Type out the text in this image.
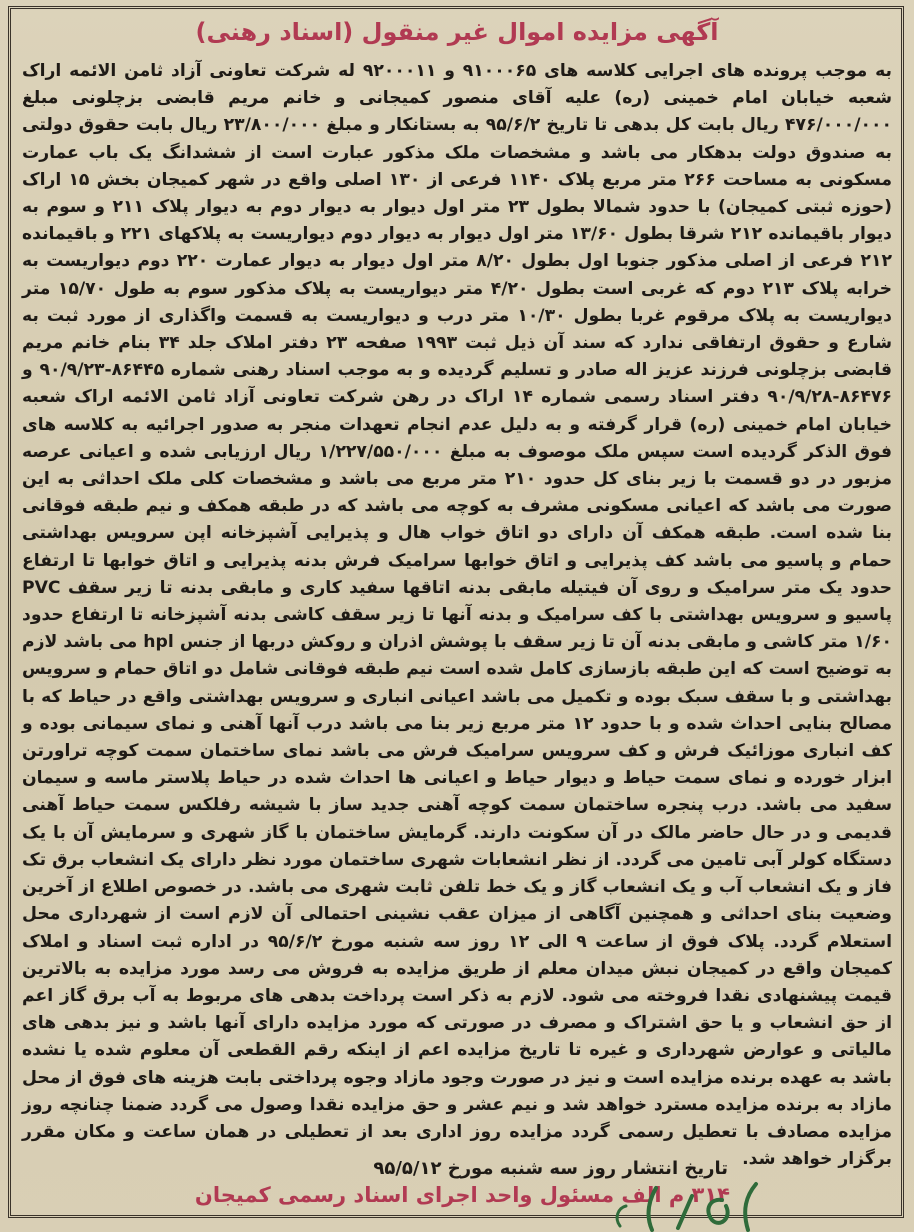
آگهی مزایده اموال غیر منقول (اسناد رهنی)

به موجب پرونده های اجرایی کلاسه های ۹۱۰۰۰۶۵ و ۹۲۰۰۰۱۱ له شرکت تعاونی آزاد ثامن الائمه اراک شعبه خیابان امام خمینی (ره) علیه آقای منصور کمیجانی و خانم مریم قابضی بزچلونی مبلغ ۴۷۶/۰۰۰/۰۰۰ ریال بابت کل بدهی تا تاریخ ۹۵/۶/۲ به بستانکار و مبلغ ۲۳/۸۰۰/۰۰۰ ریال بابت حقوق دولتی به صندوق دولت بدهکار می باشد و مشخصات ملک مذکور عبارت است از ششدانگ یک باب عمارت مسکونی به مساحت ۲۶۶ متر مربع پلاک ۱۱۴۰ فرعی از ۱۳۰ اصلی واقع در شهر کمیجان بخش ۱۵ اراک (حوزه ثبتی کمیجان) با حدود شمالا بطول ۲۳ متر اول دیوار به دیوار دوم به دیوار پلاک ۲۱۱ و سوم به دیوار باقیمانده ۲۱۲ شرقا بطول ۱۳/۶۰ متر اول دیوار به دیوار دوم دیواریست به پلاکهای ۲۲۱ و باقیمانده ۲۱۲ فرعی از اصلی مذکور جنوبا اول بطول ۸/۲۰ متر اول دیوار به دیوار عمارت ۲۲۰ دوم دیواریست به خرابه پلاک ۲۱۳ دوم که غربی است بطول ۴/۲۰ متر دیواریست به پلاک مذکور سوم به طول ۱۵/۷۰ متر دیواریست به پلاک مرقوم غربا بطول ۱۰/۳۰ متر درب و دیواریست به قسمت واگذاری از مورد ثبت به شارع و حقوق ارتفاقی ندارد که سند آن ذیل ثبت ۱۹۹۳ صفحه ۲۳ دفتر املاک جلد ۳۴ بنام خانم مریم قابضی بزچلونی فرزند عزیز اله صادر و تسلیم گردیده و به موجب اسناد رهنی شماره ۸۶۴۴۵-۹۰/۹/۲۳ و ۸۶۴۷۶-۹۰/۹/۲۸ دفتر اسناد رسمی شماره ۱۴ اراک در رهن شرکت تعاونی آزاد ثامن الائمه اراک شعبه خیابان امام خمینی (ره) قرار گرفته و به دلیل عدم انجام تعهدات منجر به صدور اجرائیه به کلاسه های فوق الذکر گردیده است سپس ملک موصوف به مبلغ ۱/۲۲۷/۵۵۰/۰۰۰ ریال ارزیابی شده و اعیانی عرصه مزبور در دو قسمت با زیر بنای کل حدود ۲۱۰ متر مربع می باشد و مشخصات کلی ملک احداثی به این صورت می باشد که اعیانی مسکونی مشرف به کوچه می باشد که در طبقه همکف و نیم طبقه فوقانی بنا شده است. طبقه همکف آن دارای دو اتاق خواب هال و پذیرایی آشپزخانه اپن سرویس بهداشتی حمام و پاسیو می باشد کف پذیرایی و اتاق خوابها سرامیک فرش بدنه پذیرایی و اتاق خوابها تا ارتفاع حدود یک متر سرامیک و روی آن فیتیله مابقی بدنه اتاقها سفید کاری و مابقی بدنه تا زیر سقف PVC پاسیو و سرویس بهداشتی با کف سرامیک و بدنه آنها تا زیر سقف کاشی بدنه آشپزخانه تا ارتفاع حدود ۱/۶۰ متر کاشی و مابقی بدنه آن تا زیر سقف با پوشش اذران و روکش دربها از جنس hpl می باشد لازم به توضیح است که این طبقه بازسازی کامل شده است نیم طبقه فوقانی شامل دو اتاق حمام و سرویس بهداشتی و با سقف سبک بوده و تکمیل می باشد اعیانی انباری و سرویس بهداشتی واقع در حیاط که با مصالح بنایی احداث شده و با حدود ۱۲ متر مربع زیر بنا می باشد درب آنها آهنی و نمای سیمانی بوده و کف انباری موزائیک فرش و کف سرویس سرامیک فرش می باشد نمای ساختمان سمت کوچه تراورتن ابزار خورده و نمای سمت حیاط و دیوار حیاط و اعیانی ها احداث شده در حیاط پلاستر ماسه و سیمان سفید می باشد. درب پنجره ساختمان سمت کوچه آهنی جدید ساز با شیشه رفلکس سمت حیاط آهنی قدیمی و در حال حاضر مالک در آن سکونت دارند. گرمایش ساختمان با گاز شهری و سرمایش آن با یک دستگاه کولر آبی تامین می گردد. از نظر انشعابات شهری ساختمان مورد نظر دارای یک انشعاب برق تک فاز و یک انشعاب آب و یک انشعاب گاز و یک خط تلفن ثابت شهری می باشد. در خصوص اطلاع از آخرین وضعیت بنای احداثی و همچنین آگاهی از میزان عقب نشینی احتمالی آن لازم است از شهرداری محل استعلام گردد. پلاک فوق از ساعت ۹ الی ۱۲ روز سه شنبه مورخ ۹۵/۶/۲ در اداره ثبت اسناد و املاک کمیجان واقع در کمیجان نبش میدان معلم از طریق مزایده به فروش می رسد مورد مزایده به بالاترین قیمت پیشنهادی نقدا فروخته می شود. لازم به ذکر است پرداخت بدهی های مربوط به آب برق گاز اعم از حق انشعاب و یا حق اشتراک و مصرف در صورتی که مورد مزایده دارای آنها باشد و نیز بدهی های مالیاتی و عوارض شهرداری و غیره تا تاریخ مزایده اعم از اینکه رقم القطعی آن معلوم شده یا نشده باشد به عهده برنده مزایده است و نیز در صورت وجود مازاد وجوه پرداختی بابت هزینه های فوق از محل مازاد به برنده مزایده مسترد خواهد شد و نیم عشر و حق مزایده نقدا وصول می گردد ضمنا چنانچه روز مزایده مصادف با تعطیل رسمی گردد مزایده روز اداری بعد از تعطیلی در همان ساعت و مکان مقرر برگزار خواهد شد.

تاریخ انتشار روز سه شنبه مورخ ۹۵/۵/۱۲
۳۱۴ م الف مسئول واحد اجرای اسناد رسمی کمیجان
